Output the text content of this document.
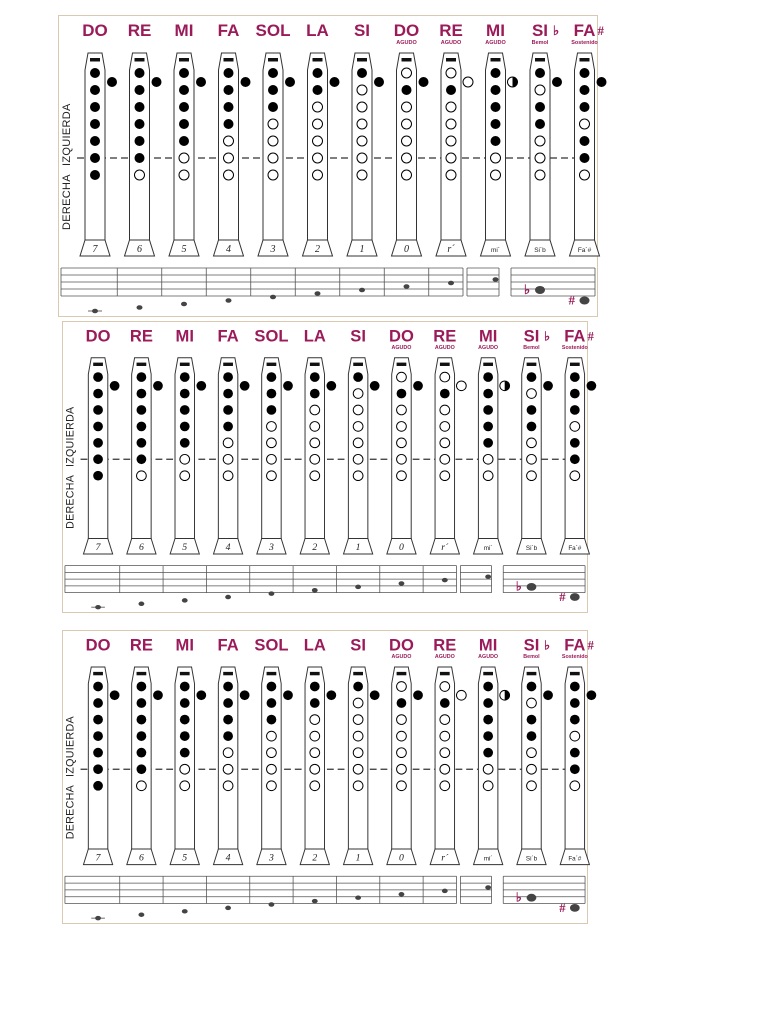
IZQUIERDA
DERECHA
DO
7
RE
6
MI
5
FA
4
SOL
3
LA
2
SI
1
DO
AGUDO
0
RE
AGUDO
r´
MI
AGUDO
mi´
SI ♭
Bemol
Si´b
FA #
Sostenido
Fa´#
♭
#
IZQUIERDA
DERECHA
DO
7
RE
6
MI
5
FA
4
SOL
3
LA
2
SI
1
DO
AGUDO
0
RE
AGUDO
r´
MI
AGUDO
mi´
SI ♭
Bemol
Si´b
FA #
Sostenido
Fa´#
♭
#
IZQUIERDA
DERECHA
DO
7
RE
6
MI
5
FA
4
SOL
3
LA
2
SI
1
DO
AGUDO
0
RE
AGUDO
r´
MI
AGUDO
mi´
SI ♭
Bemol
Si´b
FA #
Sostenido
Fa´#
♭
#
